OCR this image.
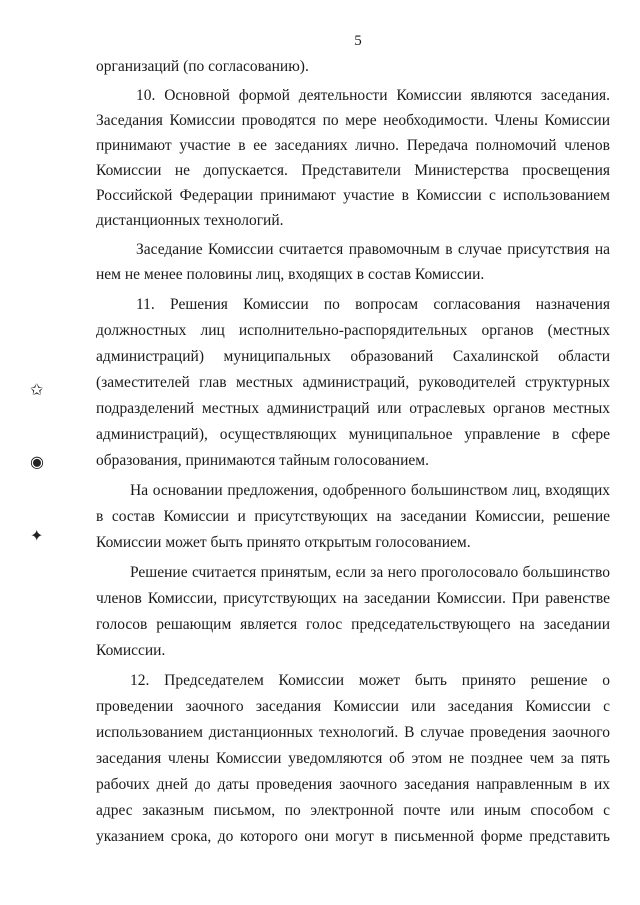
5
организаций (по согласованию).
10. Основной формой деятельности Комиссии являются заседания.
Заседания Комиссии проводятся по мере необходимости. Члены Комиссии
принимают участие в ее заседаниях лично. Передача полномочий членов
Комиссии не допускается. Представители Министерства просвещения
Российской Федерации принимают участие в Комиссии с использованием
дистанционных технологий.
Заседание Комиссии считается правомочным в случае присутствия на
нем не менее половины лиц, входящих в состав Комиссии.
11. Решения Комиссии по вопросам согласования назначения
должностных лиц исполнительно-распорядительных органов (местных
администраций) муниципальных образований Сахалинской области
(заместителей глав местных администраций, руководителей структурных
подразделений местных администраций или отраслевых органов местных
администраций), осуществляющих муниципальное управление в сфере
образования, принимаются тайным голосованием.
На основании предложения, одобренного большинством лиц, входящих
в состав Комиссии и присутствующих на заседании Комиссии, решение
Комиссии может быть принято открытым голосованием.
Решение считается принятым, если за него проголосовало большинство
членов Комиссии, присутствующих на заседании Комиссии. При равенстве
голосов решающим является голос председательствующего на заседании
Комиссии.
12. Председателем Комиссии может быть принято решение о
проведении заочного заседания Комиссии или заседания Комиссии с
использованием дистанционных технологий. В случае проведения заочного
заседания члены Комиссии уведомляются об этом не позднее чем за пять
рабочих дней до даты проведения заочного заседания направленным в их
адрес заказным письмом, по электронной почте или иным способом с
указанием срока, до которого они могут в письменной форме представить
✩
◉
✦
